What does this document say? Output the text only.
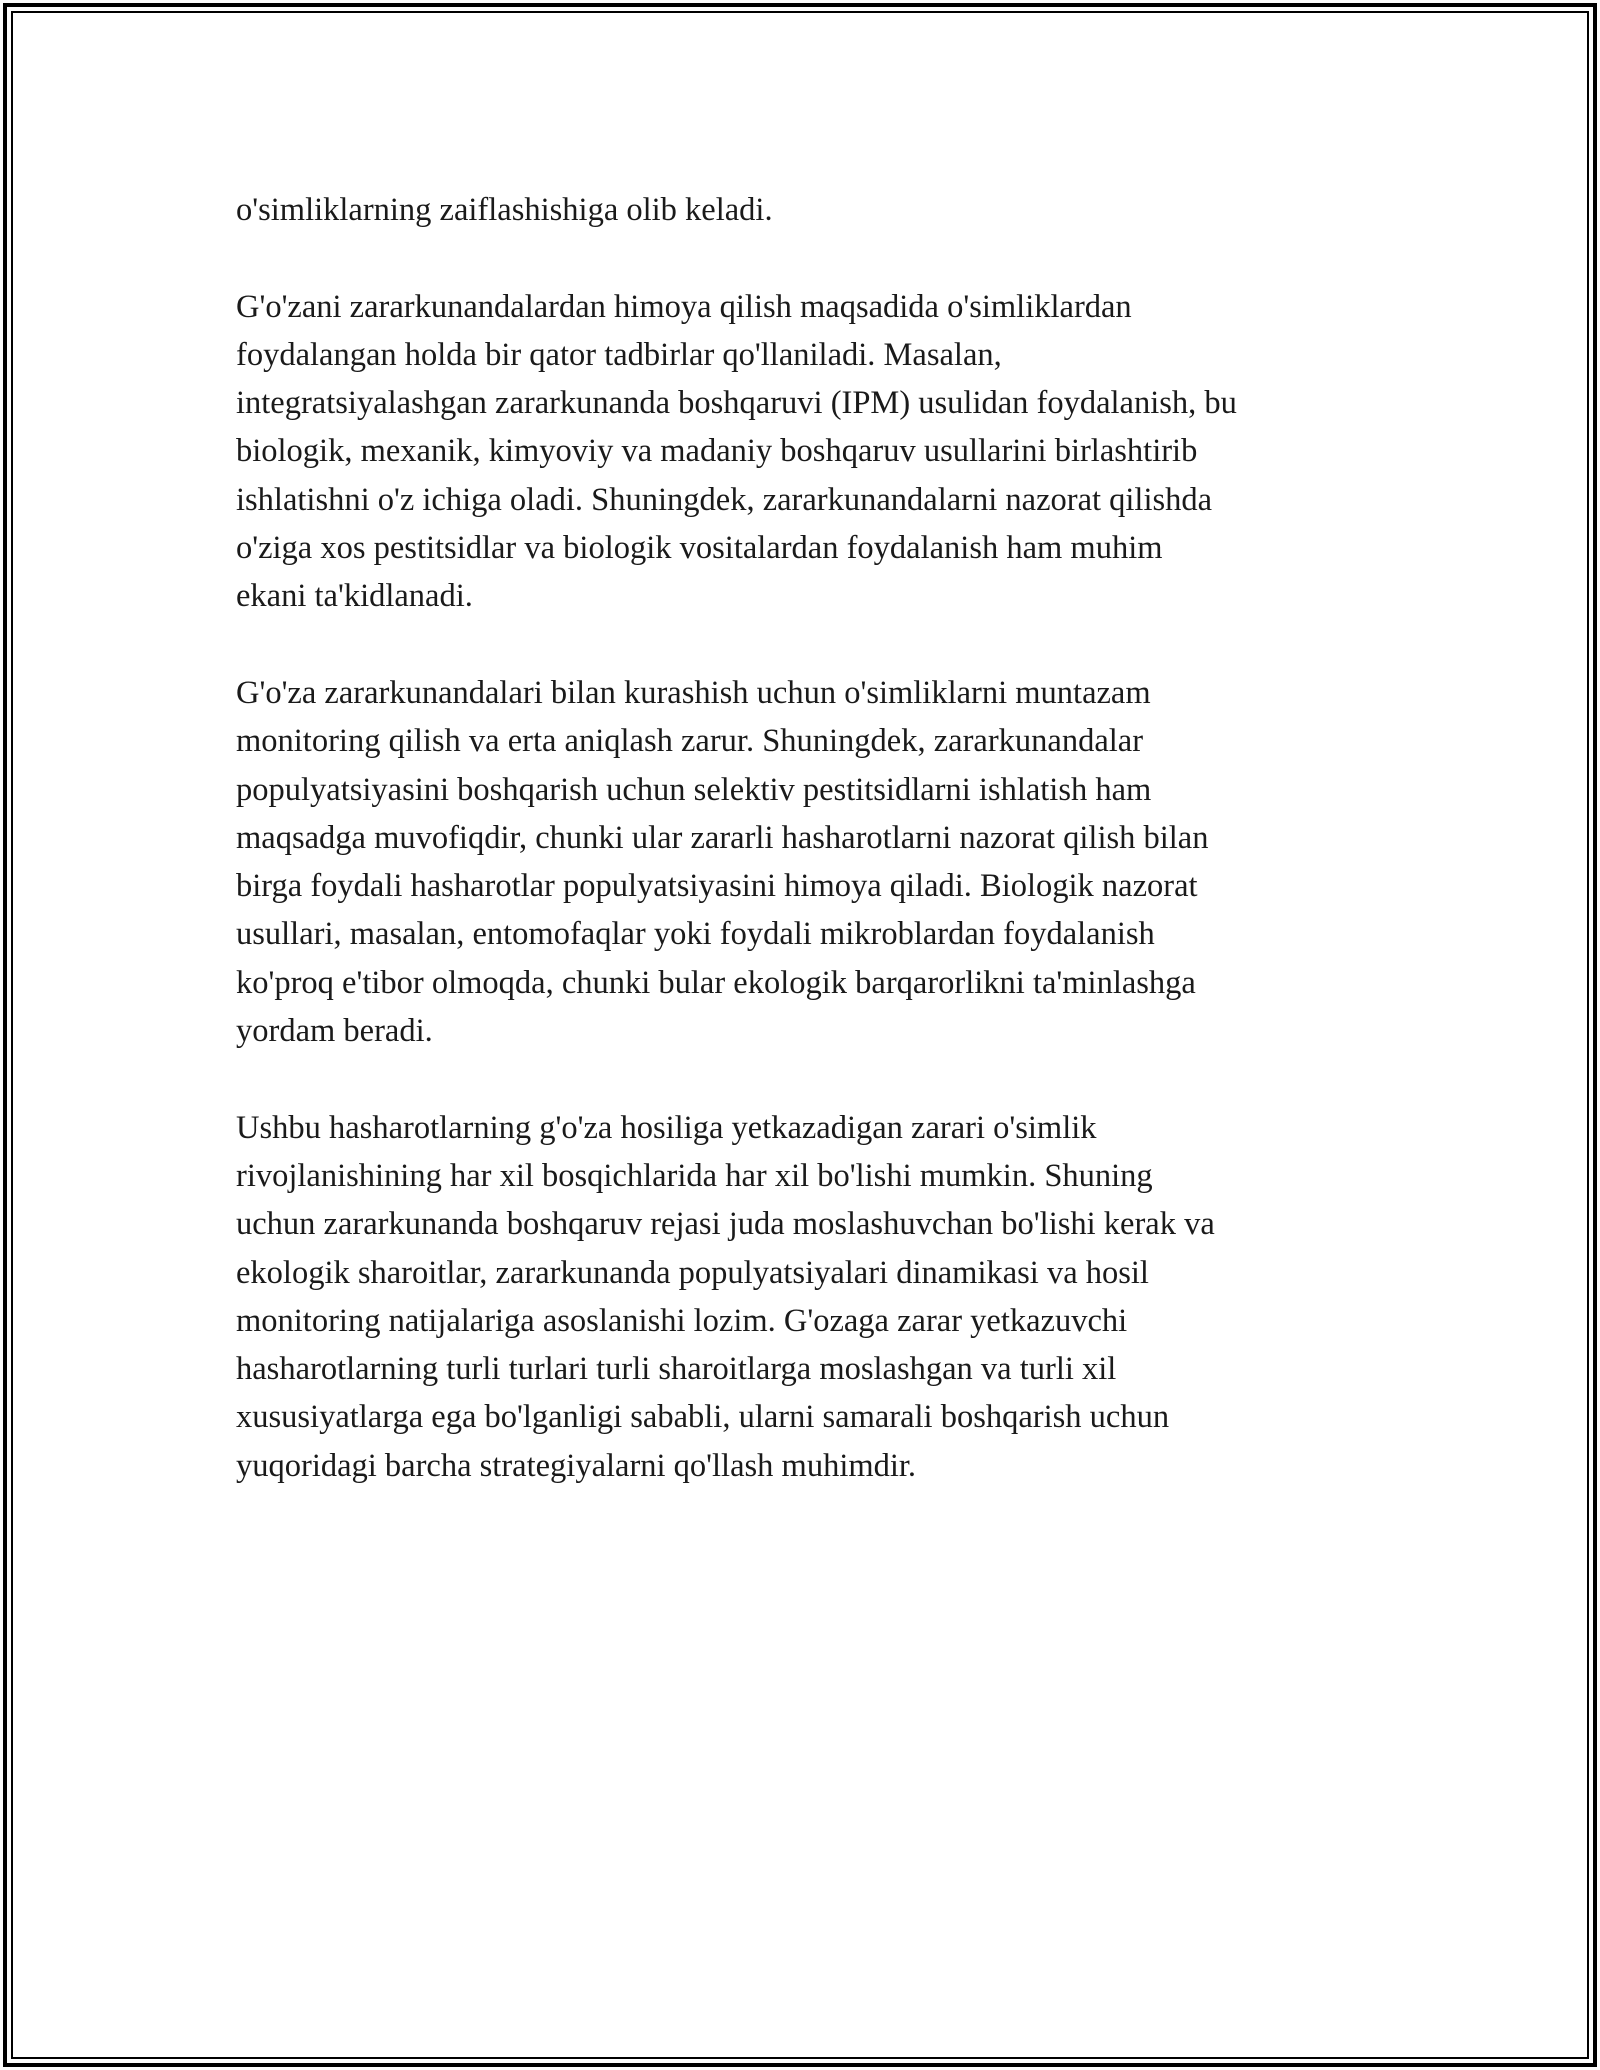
o'simliklarning zaiflashishiga olib keladi.

G'o'zani zararkunandalardan himoya qilish maqsadida o'simliklardan
foydalangan holda bir qator tadbirlar qo'llaniladi. Masalan,
integratsiyalashgan zararkunanda boshqaruvi (IPM) usulidan foydalanish, bu
biologik, mexanik, kimyoviy va madaniy boshqaruv usullarini birlashtirib
ishlatishni o'z ichiga oladi. Shuningdek, zararkunandalarni nazorat qilishda
o'ziga xos pestitsidlar va biologik vositalardan foydalanish ham muhim
ekani ta'kidlanadi.

G'o'za zararkunandalari bilan kurashish uchun o'simliklarni muntazam
monitoring qilish va erta aniqlash zarur. Shuningdek, zararkunandalar
populyatsiyasini boshqarish uchun selektiv pestitsidlarni ishlatish ham
maqsadga muvofiqdir, chunki ular zararli hasharotlarni nazorat qilish bilan
birga foydali hasharotlar populyatsiyasini himoya qiladi. Biologik nazorat
usullari, masalan, entomofaqlar yoki foydali mikroblardan foydalanish
ko'proq e'tibor olmoqda, chunki bular ekologik barqarorlikni ta'minlashga
yordam beradi.

Ushbu hasharotlarning g'o'za hosiliga yetkazadigan zarari o'simlik
rivojlanishining har xil bosqichlarida har xil bo'lishi mumkin. Shuning
uchun zararkunanda boshqaruv rejasi juda moslashuvchan bo'lishi kerak va
ekologik sharoitlar, zararkunanda populyatsiyalari dinamikasi va hosil
monitoring natijalariga asoslanishi lozim. G'ozaga zarar yetkazuvchi
hasharotlarning turli turlari turli sharoitlarga moslashgan va turli xil
xususiyatlarga ega bo'lganligi sababli, ularni samarali boshqarish uchun
yuqoridagi barcha strategiyalarni qo'llash muhimdir.
